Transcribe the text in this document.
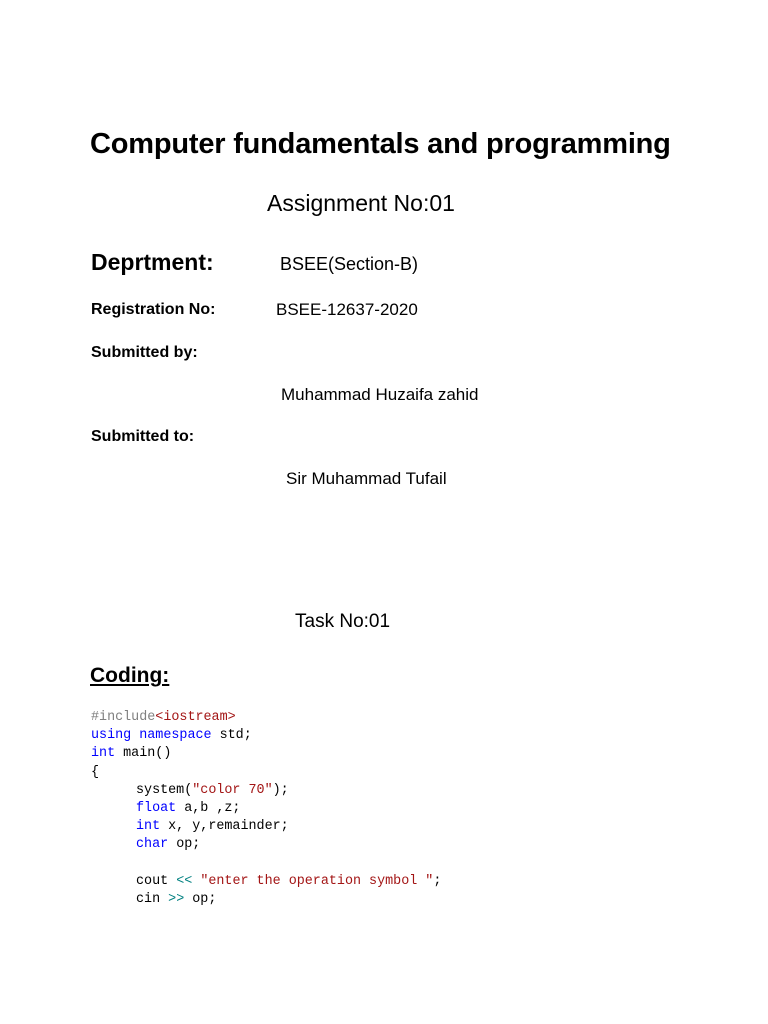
Computer fundamentals and programming
Assignment No:01
Deprtment:	BSEE(Section-B)
Registration No:	BSEE-12637-2020
Submitted by:
Muhammad Huzaifa zahid
Submitted to:
Sir Muhammad Tufail
Task No:01
Coding:
#include<iostream>
using namespace std;
int main()
{
system("color 70");
float a,b ,z;
int x, y,remainder;
char op;
cout << "enter the operation symbol ";
cin >> op;
